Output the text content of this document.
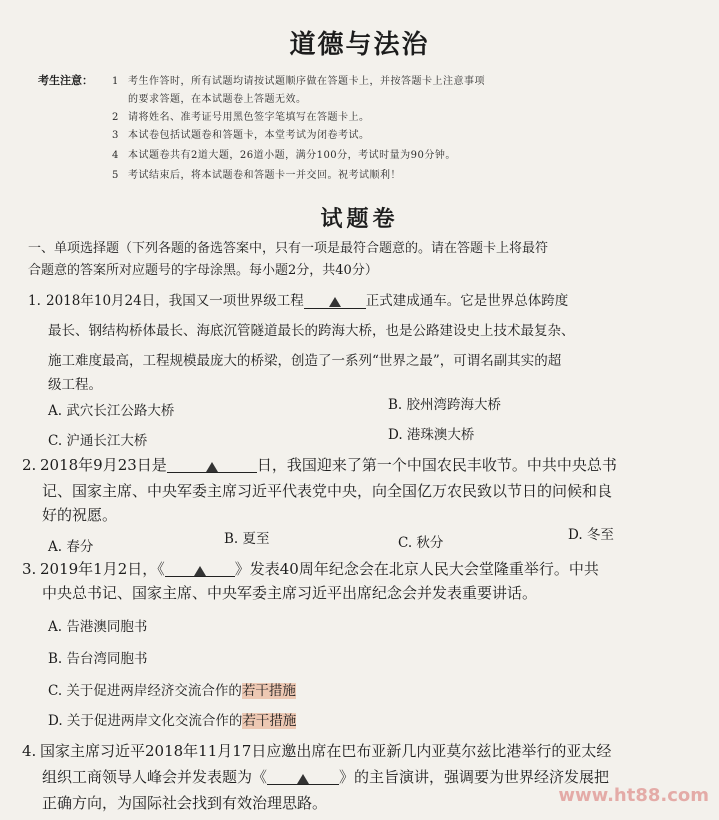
道德与法治
考生注意： 1 考生作答时，所有试题均请按试题顺序做在答题卡上，并按答题卡上注意事项
的要求答题，在本试题卷上答题无效。
2 请将姓名、准考证号用黑色签字笔填写在答题卡上。
3 本试卷包括试题卷和答题卡，本堂考试为闭卷考试。
4 本试题卷共有2道大题，26道小题，满分100分，考试时量为90分钟。
5 考试结束后，将本试题卷和答题卡一并交回。祝考试顺利！
试题卷
一、单项选择题（下列各题的备选答案中，只有一项是最符合题意的。请在答题卡上将最符
合题意的答案所对应题号的字母涂黑。每小题2分，共40分）
1. 2018年10月24日，我国又一项世界级工程	正式建成通车。它是世界总体跨度
最长、钢结构桥体最长、海底沉管隧道最长的跨海大桥，也是公路建设史上技术最复杂、
施工难度最高，工程规模最庞大的桥梁，创造了一系列“世界之最”，可谓名副其实的超
级工程。
A. 武穴长江公路大桥	B. 胶州湾跨海大桥
C. 沪通长江大桥	D. 港珠澳大桥
2. 2018年9月23日是	日，我国迎来了第一个中国农民丰收节。中共中央总书
记、国家主席、中央军委主席习近平代表党中央，向全国亿万农民致以节日的问候和良
好的祝愿。
A. 春分	B. 夏至	C. 秋分	D. 冬至
3. 2019年1月2日，《	》发表40周年纪念会在北京人民大会堂隆重举行。中共
中央总书记、国家主席、中央军委主席习近平出席纪念会并发表重要讲话。
A. 告港澳同胞书
B. 告台湾同胞书
C. 关于促进两岸经济交流合作的若干措施
D. 关于促进两岸文化交流合作的若干措施
4. 国家主席习近平2018年11月17日应邀出席在巴布亚新几内亚莫尔兹比港举行的亚太经
组织工商领导人峰会并发表题为《	》的主旨演讲，强调要为世界经济发展把
正确方向，为国际社会找到有效治理思路。	www.ht88.com
